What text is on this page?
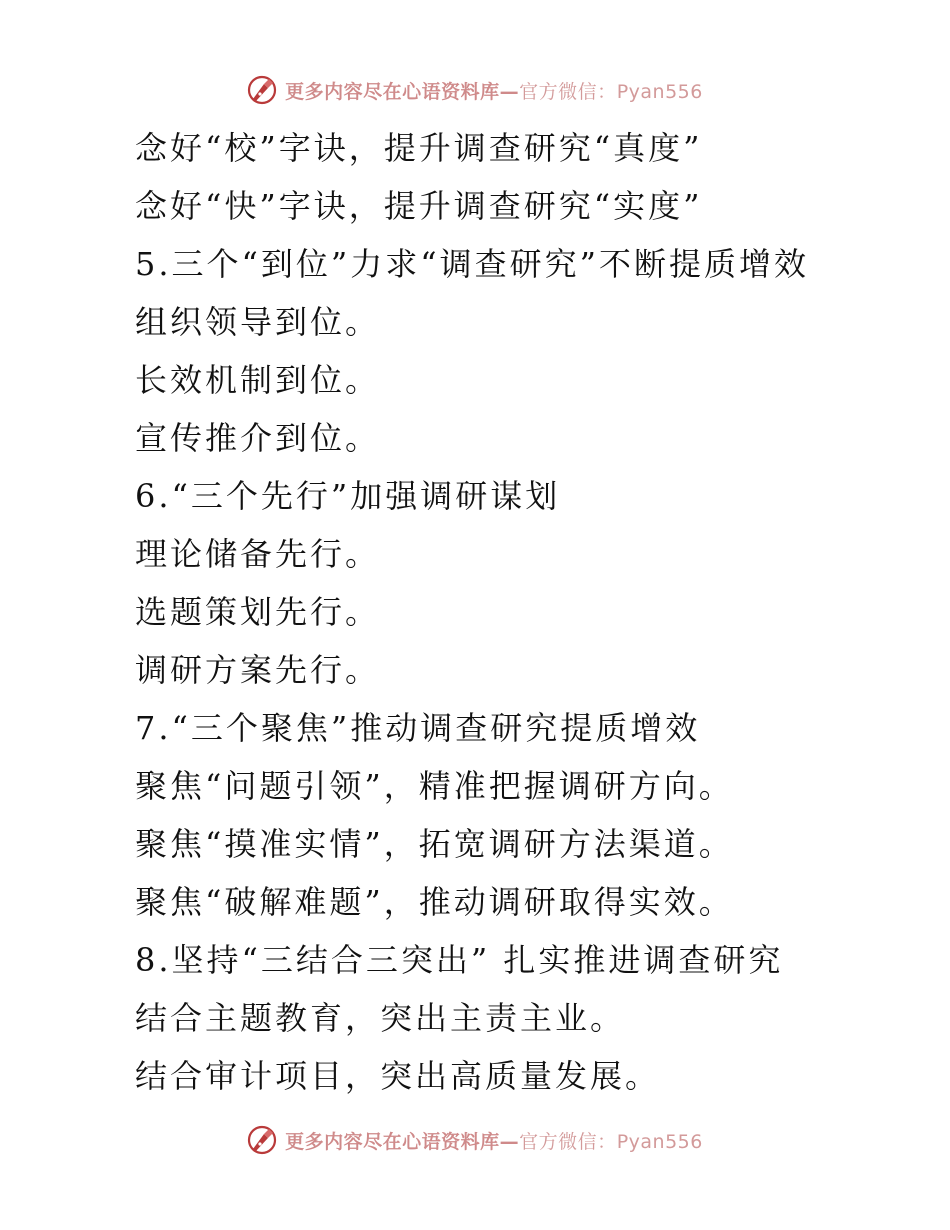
更多内容尽在心语资料库—官方微信：Pyan556
念好“校”字诀，提升调查研究“真度”
念好“快”字诀，提升调查研究“实度”
5.三个“到位”力求“调查研究”不断提质增效
组织领导到位。
长效机制到位。
宣传推介到位。
6.“三个先行”加强调研谋划
理论储备先行。
选题策划先行。
调研方案先行。
7.“三个聚焦”推动调查研究提质增效
聚焦“问题引领”，精准把握调研方向。
聚焦“摸准实情”，拓宽调研方法渠道。
聚焦“破解难题”，推动调研取得实效。
8.坚持“三结合三突出” 扎实推进调查研究
结合主题教育，突出主责主业。
结合审计项目，突出高质量发展。
更多内容尽在心语资料库—官方微信：Pyan556
